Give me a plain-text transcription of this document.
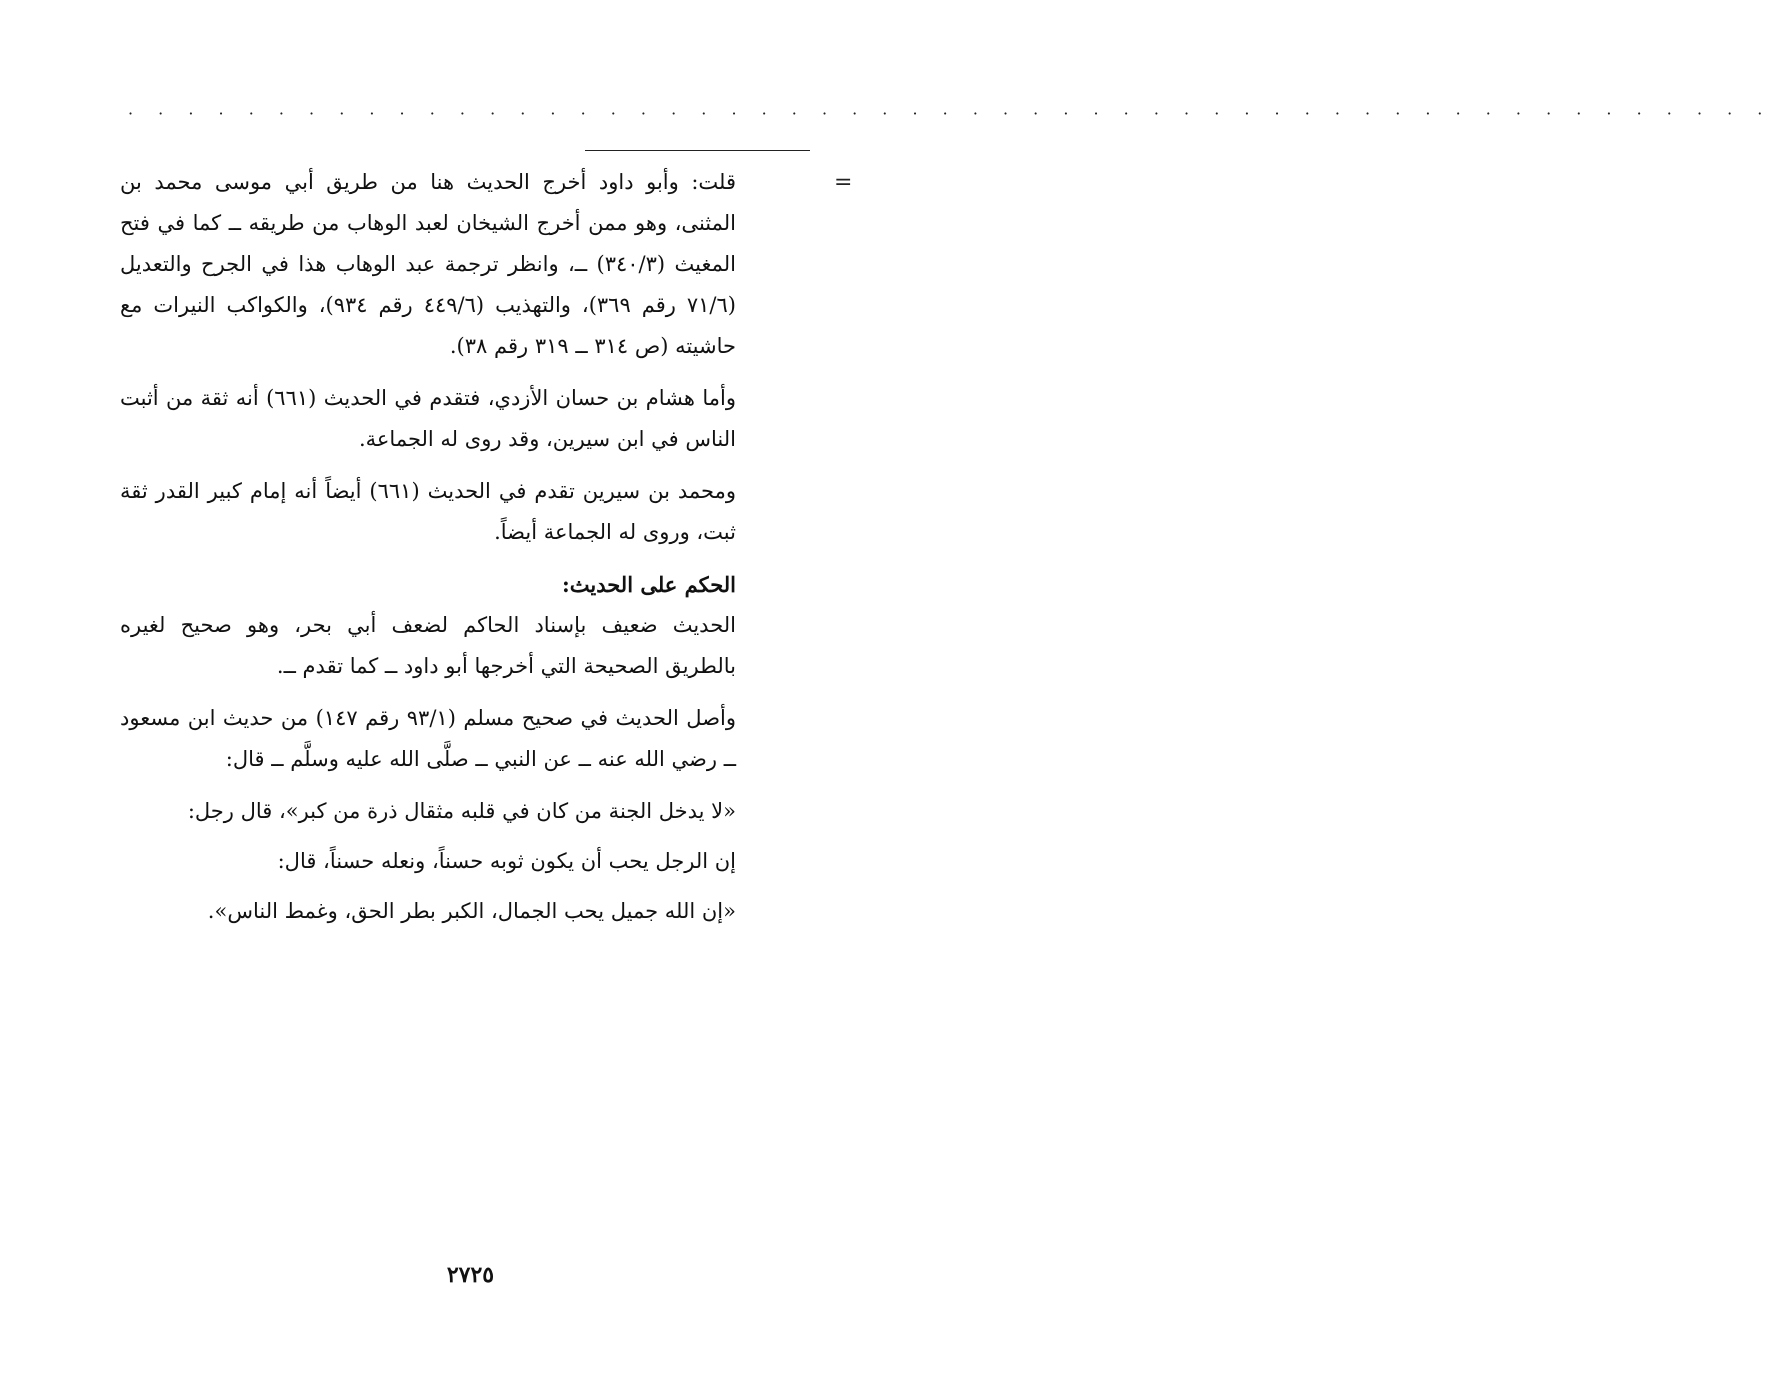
· · · · · · · · · · · · · · · · · · · · · · · · · · · · · · · · · · · · · · · · · · · · · · · · · · · · · · ·
=

قلت: وأبو داود أخرج الحديث هنا من طريق أبي موسى محمد بن المثنى، وهو ممن أخرج الشيخان لعبد الوهاب من طريقه ــ كما في فتح المغيث (٣٤٠/٣) ــ، وانظر ترجمة عبد الوهاب هذا في الجرح والتعديل (٧١/٦ رقم ٣٦٩)، والتهذيب (٤٤٩/٦ رقم ٩٣٤)، والكواكب النيرات مع حاشيته (ص ٣١٤ ــ ٣١٩ رقم ٣٨).

وأما هشام بن حسان الأزدي، فتقدم في الحديث (٦٦١) أنه ثقة من أثبت الناس في ابن سيرين، وقد روى له الجماعة.

ومحمد بن سيرين تقدم في الحديث (٦٦١) أيضاً أنه إمام كبير القدر ثقة ثبت، وروى له الجماعة أيضاً.

الحكم على الحديث:

الحديث ضعيف بإسناد الحاكم لضعف أبي بحر، وهو صحيح لغيره بالطريق الصحيحة التي أخرجها أبو داود ــ كما تقدم ــ.

وأصل الحديث في صحيح مسلم (٩٣/١ رقم ١٤٧) من حديث ابن مسعود ــ رضي الله عنه ــ عن النبي ــ صلَّى الله عليه وسلَّم ــ قال:

«لا يدخل الجنة من كان في قلبه مثقال ذرة من كبر»، قال رجل:

إن الرجل يحب أن يكون ثوبه حسناً، ونعله حسناً، قال:

«إن الله جميل يحب الجمال، الكبر بطر الحق، وغمط الناس».

٢٧٢٥
